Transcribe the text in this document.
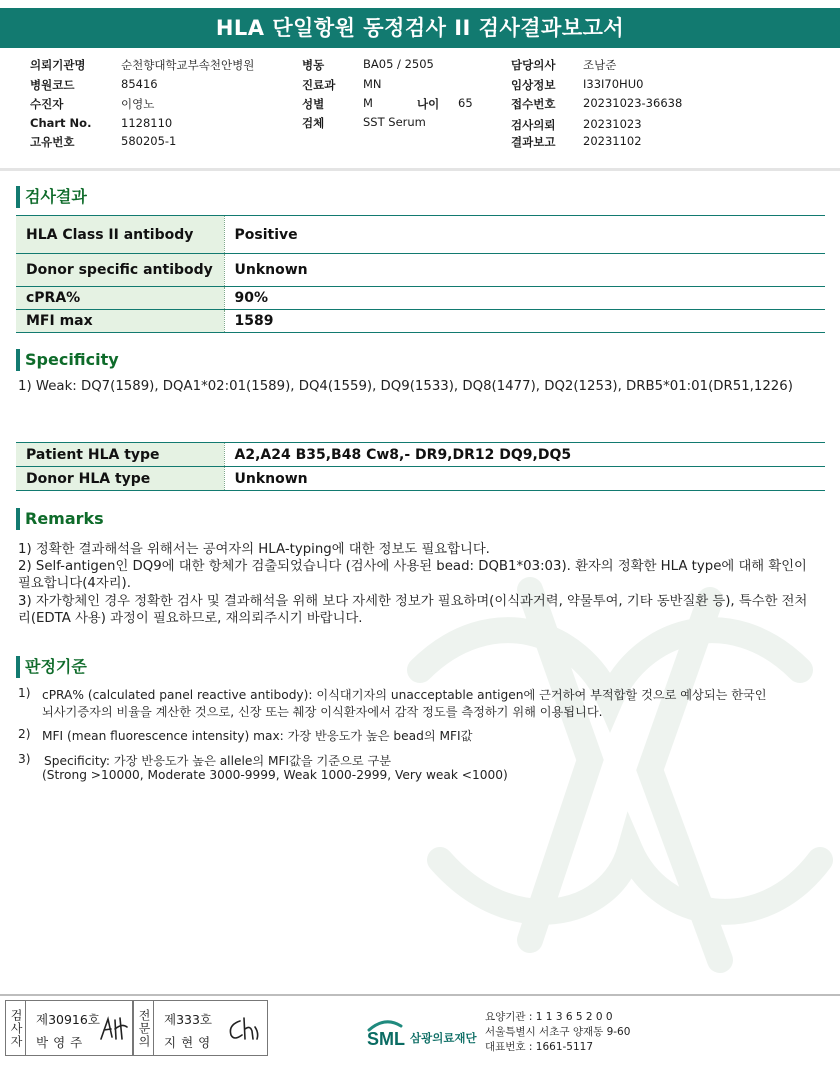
HLA 단일항원 동정검사 II 검사결과보고서
의뢰기관명	순천향대학교부속천안병원
병원코드	85416
수진자	이영노
Chart No.	1128110
고유번호	580205-1
병동	BA05 / 2505
진료과 MN
성별	M	나이 65
검체	SST Serum
담당의사 조남준
임상정보 I33I70HU0
접수번호 20231023-36638
검사의뢰 20231023
결과보고 20231102
검사결과
HLA Class II antibody	Positive
Donor specific antibody	Unknown
cPRA%	90%
MFI max	1589
Specificity
1) Weak: DQ7(1589), DQA1*02:01(1589), DQ4(1559), DQ9(1533), DQ8(1477), DQ2(1253), DRB5*01:01(DR51,1226)
Patient HLA type	A2,A24 B35,B48 Cw8,- DR9,DR12 DQ9,DQ5
Donor HLA type	Unknown
Remarks
1) 정확한 결과해석을 위해서는 공여자의 HLA-typing에 대한 정보도 필요합니다.
2) Self-antigen인 DQ9에 대한 항체가 검출되었습니다 (검사에 사용된 bead: DQB1*03:03). 환자의 정확한 HLA type에 대해 확인이
필요합니다(4자리).
3) 자가항체인 경우 정확한 검사 및 결과해석을 위해 보다 자세한 정보가 필요하며(이식과거력, 약물투여, 기타 동반질환 등), 특수한 전처
리(EDTA 사용) 과정이 필요하므로, 재의뢰주시기 바랍니다.
판정기준
1) cPRA% (calculated panel reactive antibody): 이식대기자의 unacceptable antigen에 근거하여 부적합할 것으로 예상되는 한국인
뇌사기증자의 비율을 계산한 것으로, 신장 또는 췌장 이식환자에서 감작 정도를 측정하기 위해 이용됩니다.
2) MFI (mean fluorescence intensity) max: 가장 반응도가 높은 bead의 MFI값
3) Specificity: 가장 반응도가 높은 allele의 MFI값을 기준으로 구분
(Strong >10000, Moderate 3000-9999, Weak 1000-2999, Very weak <1000)
검사자 제30916호
박영주	전문의 제333호
지현영	SML 삼광의료재단
요양기관 : 1 1 3 6 5 2 0 0
서울특별시 서초구 양재동 9-60
대표번호 : 1661-5117
